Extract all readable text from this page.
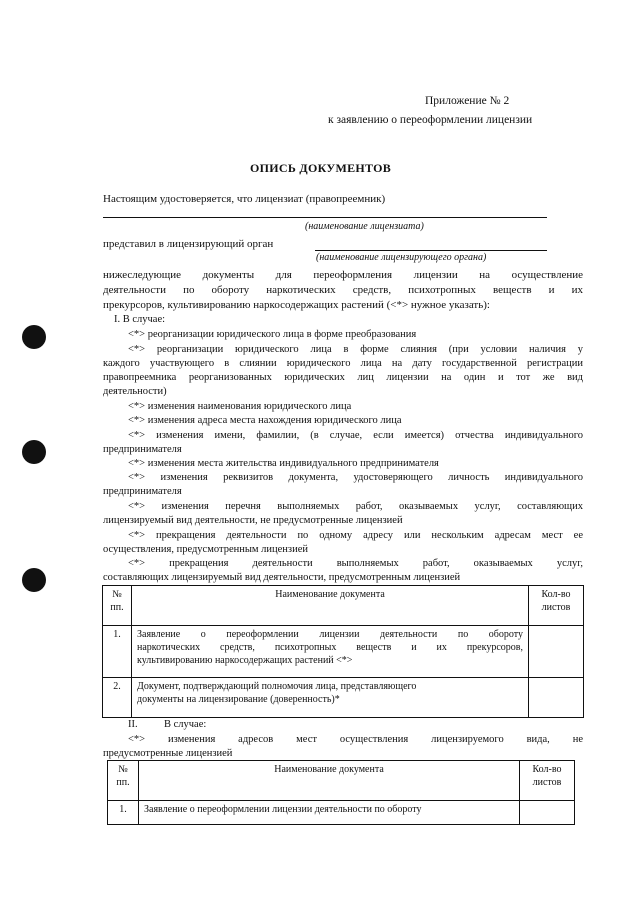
Приложение № 2
к заявлению о переоформлении лицензии
ОПИСЬ ДОКУМЕНТОВ
Настоящим удостоверяется, что лицензиат (правопреемник)
(наименование лицензиата)
представил в лицензирующий орган
(наименование лицензирующего органа)
нижеследующие документы для переоформления лицензии на осуществление
деятельности по обороту наркотических средств, психотропных веществ и их
прекурсоров, культивированию наркосодержащих растений (<*> нужное указать):
I. В случае:
<*> реорганизации юридического лица в форме преобразования
<*> реорганизации юридического лица в форме слияния (при условии наличия у
каждого участвующего в слиянии юридического лица на дату государственной регистрации
правопреемника реорганизованных юридических лиц лицензии на один и тот же вид
деятельности)
<*> изменения наименования юридического лица
<*> изменения адреса места нахождения юридического лица
<*> изменения имени, фамилии, (в случае, если имеется) отчества индивидуального
предпринимателя
<*> изменения места жительства индивидуального предпринимателя
<*> изменения реквизитов документа, удостоверяющего личность индивидуального
предпринимателя
<*> изменения перечня выполняемых работ, оказываемых услуг, составляющих
лицензируемый вид деятельности, не предусмотренные лицензией
<*> прекращения деятельности по одному адресу или нескольким адресам мест ее
осуществления, предусмотренным лицензией
<*> прекращения деятельности выполняемых работ, оказываемых услуг,
составляющих лицензируемый вид деятельности, предусмотренным лицензией
№ пп.	Наименование документа	Кол-во листов
1.	Заявление о переоформлении лицензии деятельности по обороту
наркотических средств, психотропных веществ и их прекурсоров,
культивированию наркосодержащих растений <*>	

2.	Документ, подтверждающий полномочия лица, представляющего
документы на лицензирование (доверенность)*	

II.	В случае:
<*> изменения адресов мест осуществления лицензируемого вида, не
предусмотренные лицензией
№ пп.	Наименование документа	Кол-во листов
1.	Заявление о переоформлении лицензии деятельности по обороту	
